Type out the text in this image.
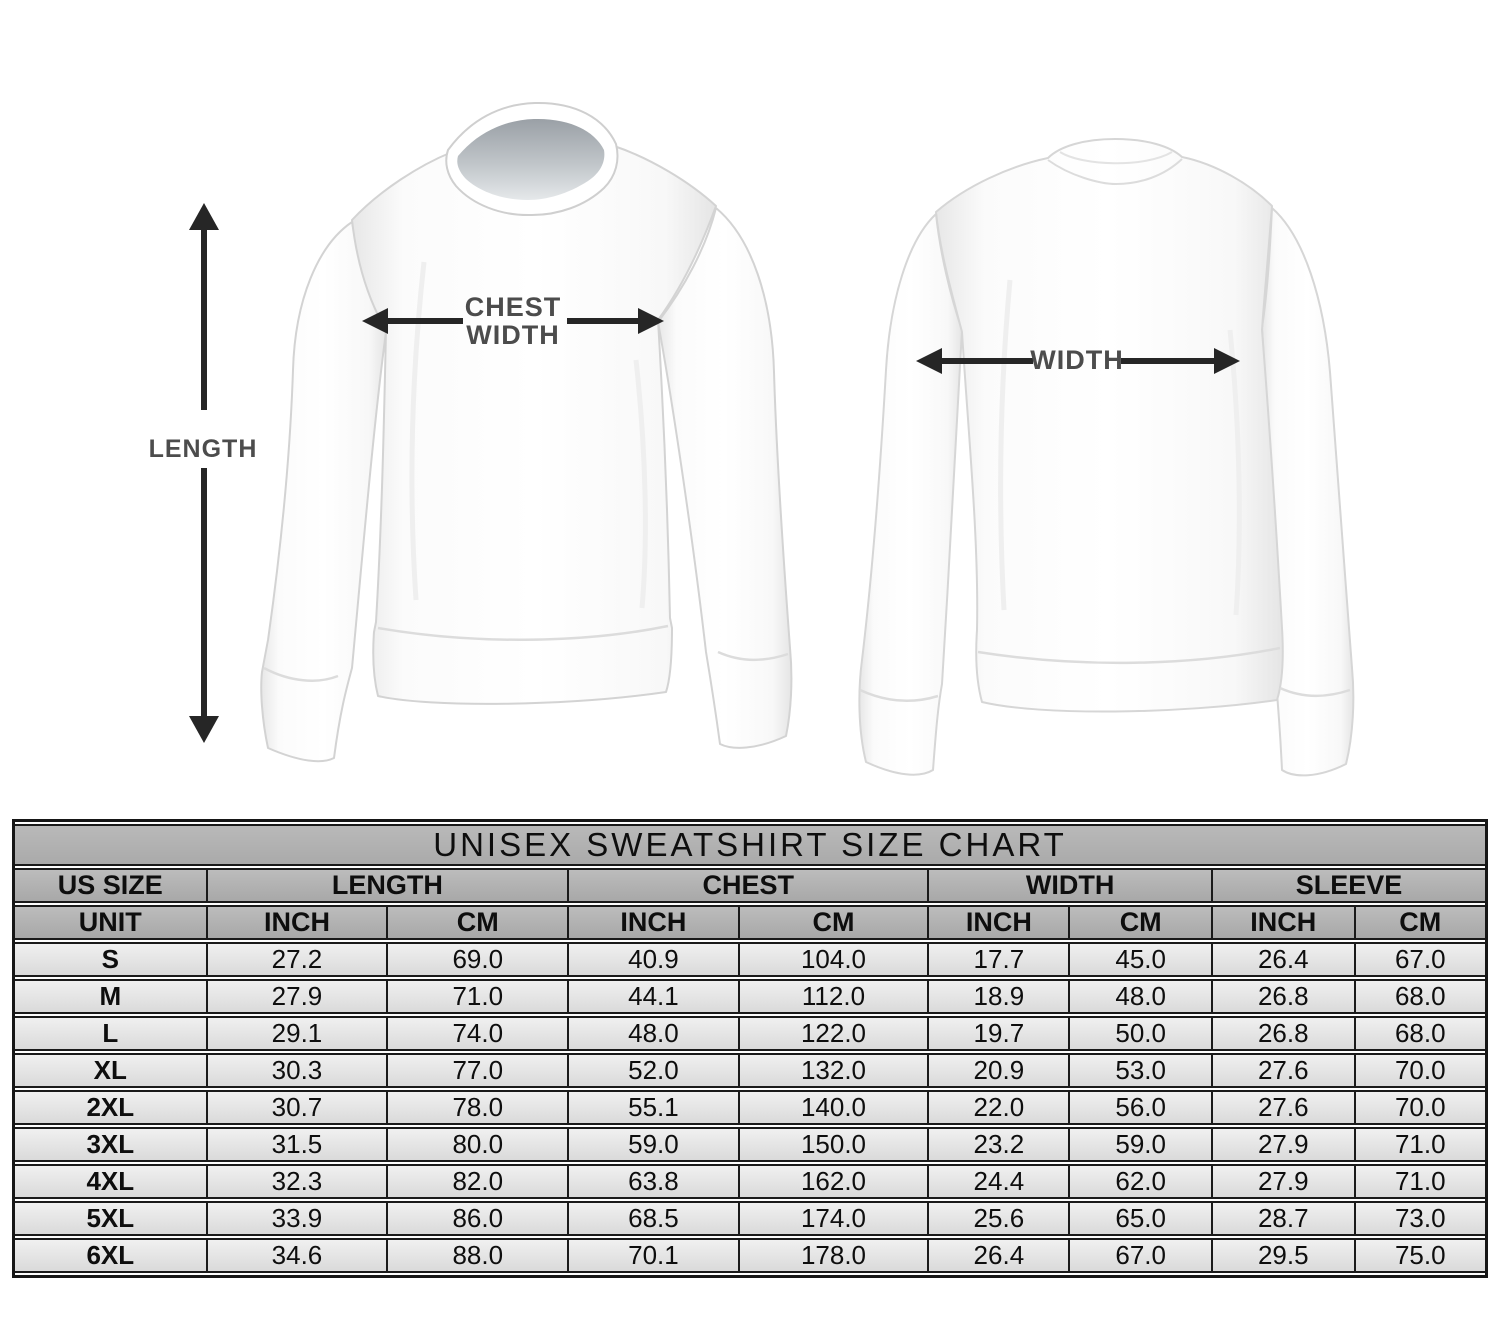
LENGTH
CHEST WIDTH
WIDTH
UNISEX SWEATSHIRT SIZE CHART								
US SIZE	LENGTH		CHEST		WIDTH		SLEEVE	
UNIT	INCH	CM	INCH	CM	INCH	CM	INCH	CM
S	27.2	69.0	40.9	104.0	17.7	45.0	26.4	67.0
M	27.9	71.0	44.1	112.0	18.9	48.0	26.8	68.0
L	29.1	74.0	48.0	122.0	19.7	50.0	26.8	68.0
XL	30.3	77.0	52.0	132.0	20.9	53.0	27.6	70.0
2XL	30.7	78.0	55.1	140.0	22.0	56.0	27.6	70.0
3XL	31.5	80.0	59.0	150.0	23.2	59.0	27.9	71.0
4XL	32.3	82.0	63.8	162.0	24.4	62.0	27.9	71.0
5XL	33.9	86.0	68.5	174.0	25.6	65.0	28.7	73.0
6XL	34.6	88.0	70.1	178.0	26.4	67.0	29.5	75.0
